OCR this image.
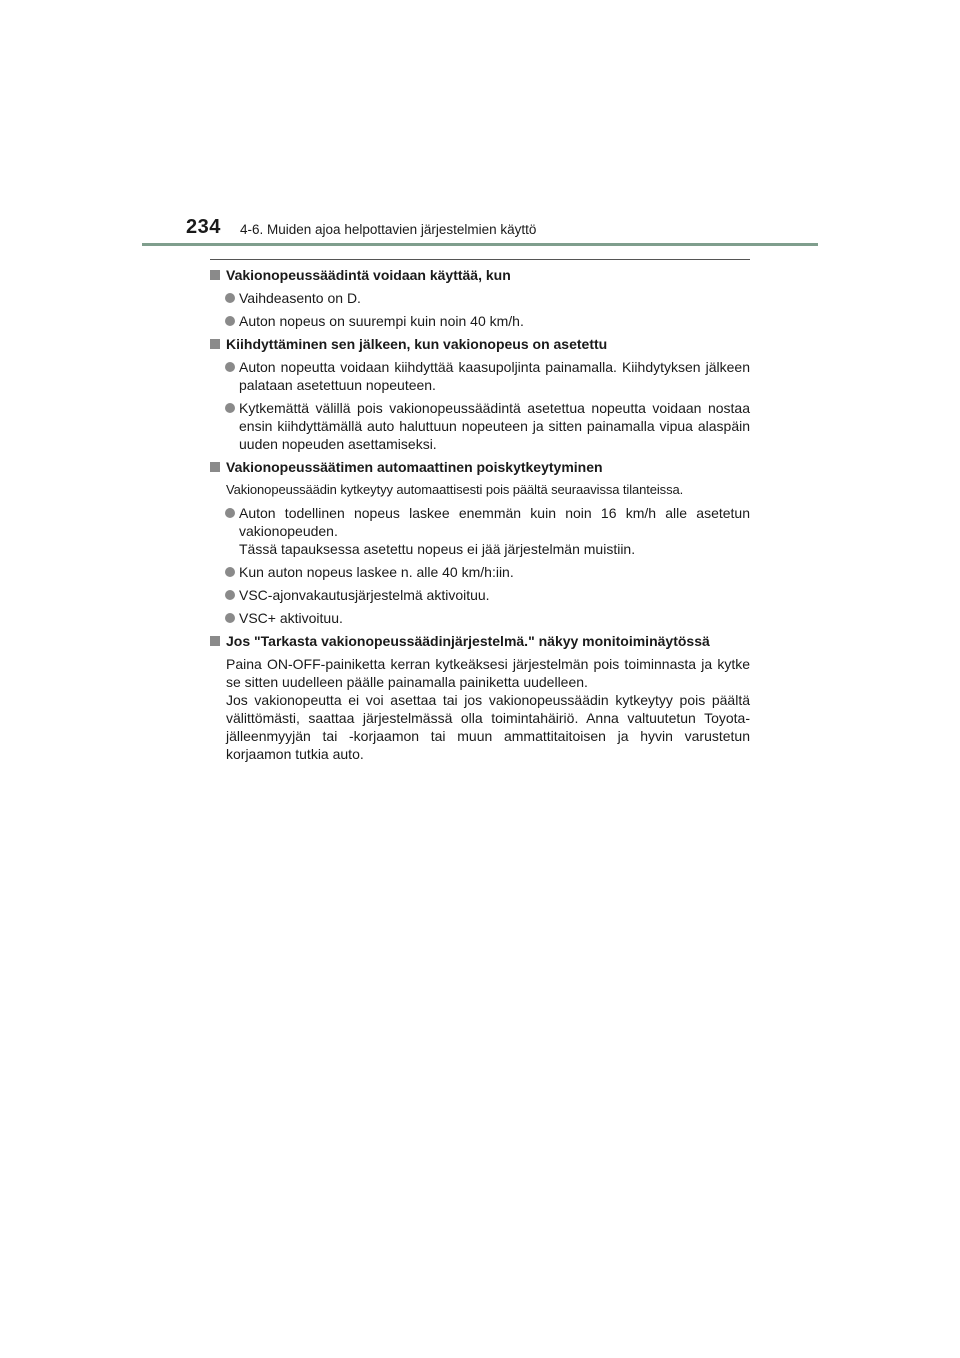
234 4-6. Muiden ajoa helpottavien järjestelmien käyttö
Vakionopeussäädintä voidaan käyttää, kun
Vaihdeasento on D.
Auton nopeus on suurempi kuin noin 40 km/h.
Kiihdyttäminen sen jälkeen, kun vakionopeus on asetettu
Auton nopeutta voidaan kiihdyttää kaasupoljinta painamalla. Kiihdytyksen jälkeen palataan asetettuun nopeuteen.
Kytkemättä välillä pois vakionopeussäädintä asetettua nopeutta voidaan nostaa ensin kiihdyttämällä auto haluttuun nopeuteen ja sitten painamalla vipua alaspäin uuden nopeuden asettamiseksi.
Vakionopeussäätimen automaattinen poiskytkeytyminen
Vakionopeussäädin kytkeytyy automaattisesti pois päältä seuraavissa tilanteissa.
Auton todellinen nopeus laskee enemmän kuin noin 16 km/h alle asetetun vakionopeuden.
Tässä tapauksessa asetettu nopeus ei jää järjestelmän muistiin.
Kun auton nopeus laskee n. alle 40 km/h:iin.
VSC-ajonvakautusjärjestelmä aktivoituu.
VSC+ aktivoituu.
Jos "Tarkasta vakionopeussäädinjärjestelmä." näkyy monitoiminäytössä
Paina ON-OFF-painiketta kerran kytkeäksesi järjestelmän pois toiminnasta ja kytke se sitten uudelleen päälle painamalla painiketta uudelleen.
Jos vakionopeutta ei voi asettaa tai jos vakionopeussäädin kytkeytyy pois päältä välittömästi, saattaa järjestelmässä olla toimintahäiriö. Anna valtuutetun Toyota-jälleenmyyjän tai -korjaamon tai muun ammattitaitoisen ja hyvin varustetun korjaamon tutkia auto.
